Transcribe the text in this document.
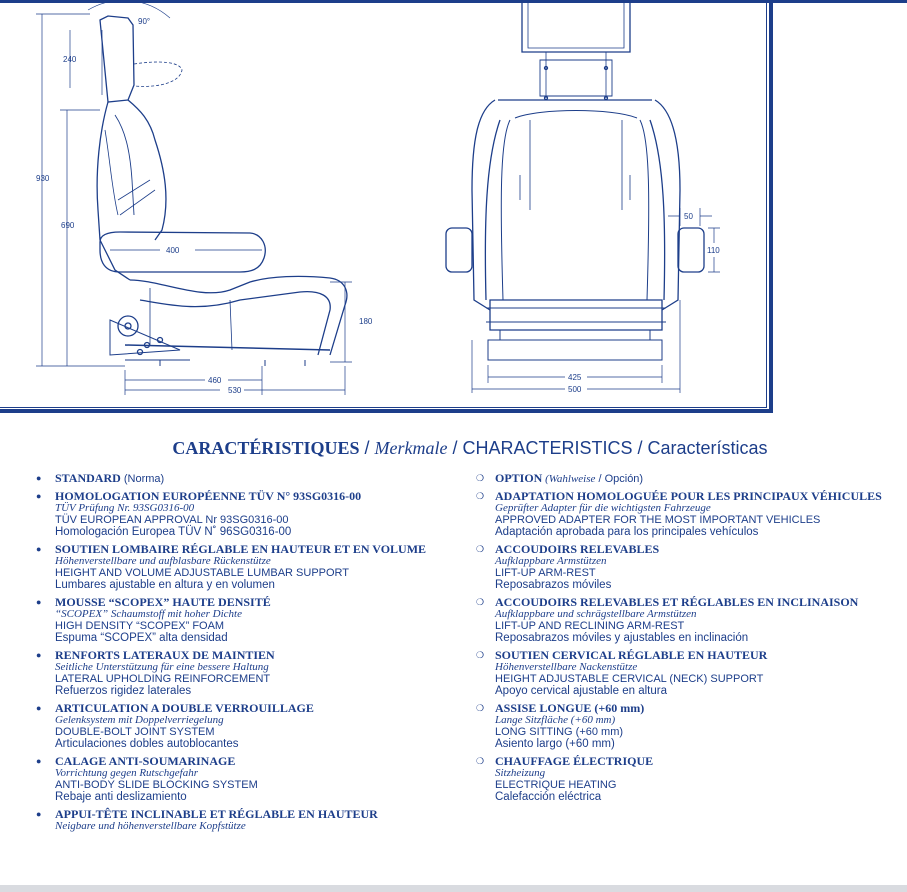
90°
240
930
690
400
180
460
530
425
500
50
110
CARACTÉRISTIQUES / Merkmale / CHARACTERISTICS / Características
● STANDARD (Norma)
● HOMOLOGATION EUROPÉENNE TÜV N° 93SG0316-00
TÜV Prüfung Nr. 93SG0316-00
TÜV EUROPEAN APPROVAL Nr 93SG0316-00
Homologación Europea TÜV N˚ 96SG0316-00
● SOUTIEN LOMBAIRE RÉGLABLE EN HAUTEUR ET EN VOLUME
Höhenverstellbare und aufblasbare Rückenstütze
HEIGHT AND VOLUME ADJUSTABLE LUMBAR SUPPORT
Lumbares ajustable en altura y en volumen
● MOUSSE “SCOPEX” HAUTE DENSITÉ
“SCOPEX” Schaumstoff mit hoher Dichte
HIGH DENSITY “SCOPEX” FOAM
Espuma “SCOPEX” alta densidad
● RENFORTS LATERAUX DE MAINTIEN
Seitliche Unterstützung für eine bessere Haltung
LATERAL UPHOLDING REINFORCEMENT
Refuerzos rigidez laterales
● ARTICULATION A DOUBLE VERROUILLAGE
Gelenksystem mit Doppelverriegelung
DOUBLE-BOLT JOINT SYSTEM
Articulaciones dobles autoblocantes
● CALAGE ANTI-SOUMARINAGE
Vorrichtung gegen Rutschgefahr
ANTI-BODY SLIDE BLOCKING SYSTEM
Rebaje anti deslizamiento
● APPUI-TÊTE INCLINABLE ET RÉGLABLE EN HAUTEUR
Neigbare und höhenverstellbare Kopfstütze
❍ OPTION (Wahlweise / Opción)
❍ ADAPTATION HOMOLOGUÉE POUR LES PRINCIPAUX VÉHICULES
Geprüfter Adapter für die wichtigsten Fahrzeuge
APPROVED ADAPTER FOR THE MOST IMPORTANT VEHICLES
Adaptación aprobada para los principales vehículos
❍ ACCOUDOIRS RELEVABLES
Aufklappbare Armstützen
LIFT-UP ARM-REST
Reposabrazos móviles
❍ ACCOUDOIRS RELEVABLES ET RÉGLABLES EN INCLINAISON
Aufklappbare und schrägstellbare Armstützen
LIFT-UP AND RECLINING ARM-REST
Reposabrazos móviles y ajustables en inclinación
❍ SOUTIEN CERVICAL RÉGLABLE EN HAUTEUR
Höhenverstellbare Nackenstütze
HEIGHT ADJUSTABLE CERVICAL (NECK) SUPPORT
Apoyo cervical ajustable en altura
❍ ASSISE LONGUE (+60 mm)
Lange Sitzfläche (+60 mm)
LONG SITTING (+60 mm)
Asiento largo (+60 mm)
❍ CHAUFFAGE ÉLECTRIQUE
Sitzheizung
ELECTRIQUE HEATING
Calefacción eléctrica
